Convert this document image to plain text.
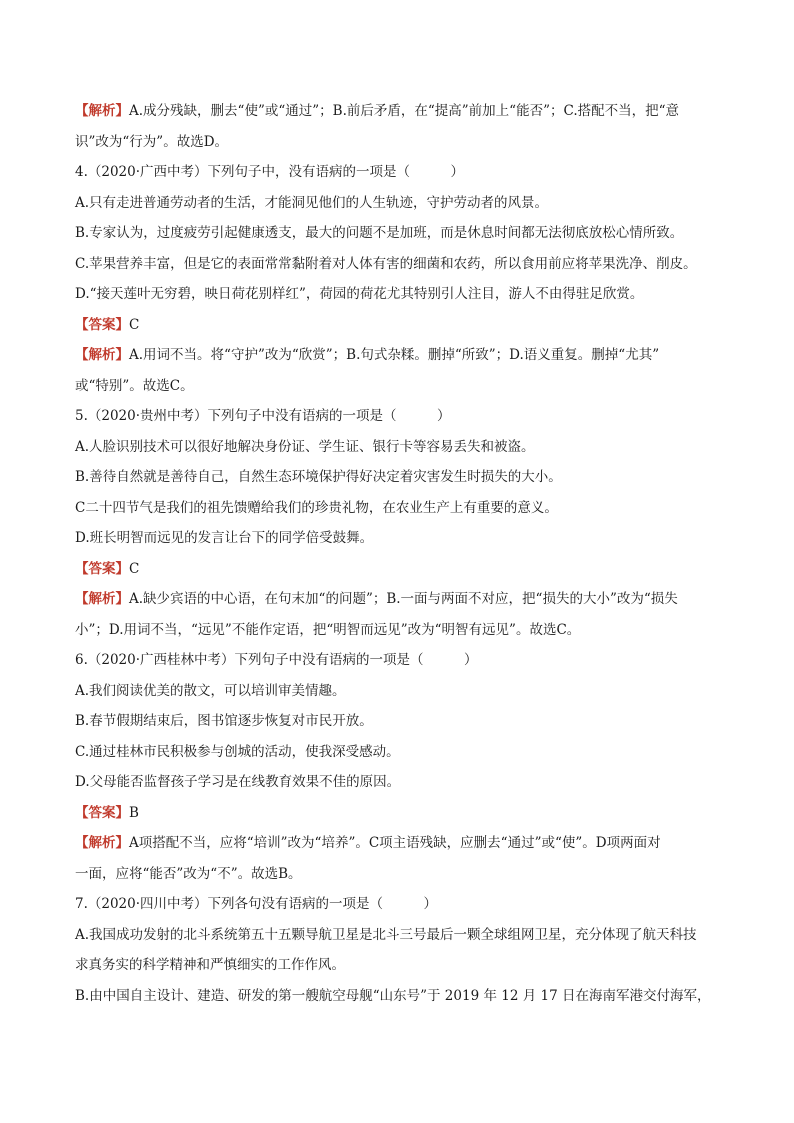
【解析】A.成分残缺，删去“使”或“通过”；B.前后矛盾，在“提高”前加上“能否”；C.搭配不当，把“意
识”改为“行为”。故选D。
4.（2020·广西中考）下列句子中，没有语病的一项是（　　　）
A.只有走进普通劳动者的生活，才能洞见他们的人生轨迹，守护劳动者的风景。
B.专家认为，过度疲劳引起健康透支，最大的问题不是加班，而是休息时间都无法彻底放松心情所致。
C.苹果营养丰富，但是它的表面常常黏附着对人体有害的细菌和农药，所以食用前应将苹果洗净、削皮。
D.“接天莲叶无穷碧，映日荷花别样红”，荷园的荷花尤其特别引人注目，游人不由得驻足欣赏。
【答案】C
【解析】A.用词不当。将“守护”改为“欣赏”；B.句式杂糅。删掉“所致”；D.语义重复。删掉“尤其”
或“特别”。故选C。
5.（2020·贵州中考）下列句子中没有语病的一项是（　　　）
A.人脸识别技术可以很好地解决身份证、学生证、银行卡等容易丢失和被盗。
B.善待自然就是善待自己，自然生态环境保护得好决定着灾害发生时损失的大小。
C二十四节气是我们的祖先馈赠给我们的珍贵礼物，在农业生产上有重要的意义。
D.班长明智而远见的发言让台下的同学倍受鼓舞。
【答案】C
【解析】A.缺少宾语的中心语，在句末加“的问题”；B.一面与两面不对应，把“损失的大小”改为“损失
小”；D.用词不当，“远见”不能作定语，把“明智而远见”改为“明智有远见”。故选C。
6.（2020·广西桂林中考）下列句子中没有语病的一项是（　　　）
A.我们阅读优美的散文，可以培训审美情趣。
B.春节假期结束后，图书馆逐步恢复对市民开放。
C.通过桂林市民积极参与创城的活动，使我深受感动。
D.父母能否监督孩子学习是在线教育效果不佳的原因。
【答案】B
【解析】A项搭配不当，应将“培训”改为“培养”。C项主语残缺，应删去“通过”或“使”。D项两面对
一面，应将“能否”改为“不”。故选B。
7.（2020·四川中考）下列各句没有语病的一项是（　　　）
A.我国成功发射的北斗系统第五十五颗导航卫星是北斗三号最后一颗全球组网卫星，充分体现了航天科技
求真务实的科学精神和严慎细实的工作作风。
B.由中国自主设计、建造、研发的第一艘航空母舰“山东号”于 2019 年 12 月 17 日在海南军港交付海军，
